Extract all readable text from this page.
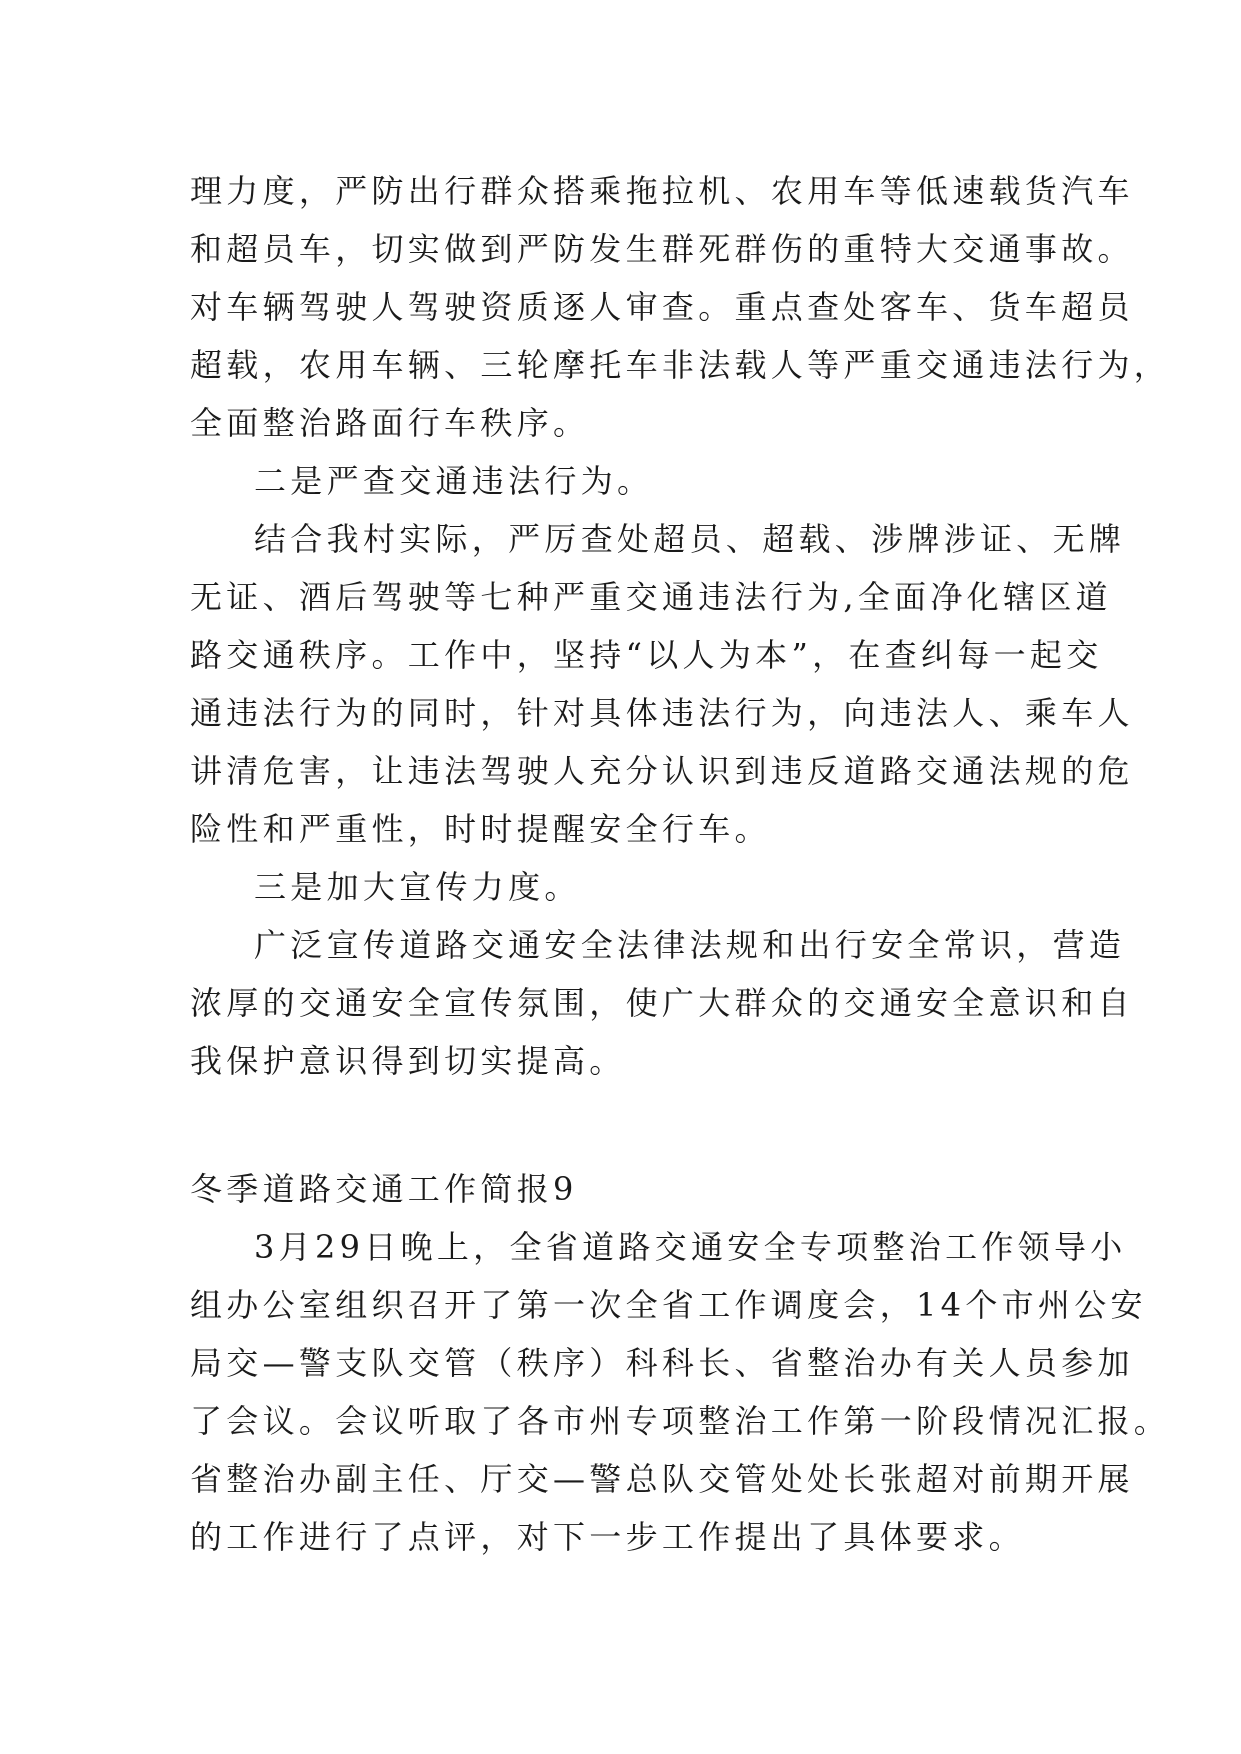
理力度，严防出行群众搭乘拖拉机、农用车等低速载货汽车
和超员车，切实做到严防发生群死群伤的重特大交通事故。
对车辆驾驶人驾驶资质逐人审查。重点查处客车、货车超员
超载，农用车辆、三轮摩托车非法载人等严重交通违法行为，
全面整治路面行车秩序。
二是严查交通违法行为。
结合我村实际，严厉查处超员、超载、涉牌涉证、无牌
无证、酒后驾驶等七种严重交通违法行为,全面净化辖区道
路交通秩序。工作中，坚持“以人为本”，在查纠每一起交
通违法行为的同时，针对具体违法行为，向违法人、乘车人
讲清危害，让违法驾驶人充分认识到违反道路交通法规的危
险性和严重性，时时提醒安全行车。
三是加大宣传力度。
广泛宣传道路交通安全法律法规和出行安全常识，营造
浓厚的交通安全宣传氛围，使广大群众的交通安全意识和自
我保护意识得到切实提高。
冬季道路交通工作简报9
3月29日晚上，全省道路交通安全专项整治工作领导小
组办公室组织召开了第一次全省工作调度会，14个市州公安
局交—警支队交管（秩序）科科长、省整治办有关人员参加
了会议。会议听取了各市州专项整治工作第一阶段情况汇报。
省整治办副主任、厅交—警总队交管处处长张超对前期开展
的工作进行了点评，对下一步工作提出了具体要求。
